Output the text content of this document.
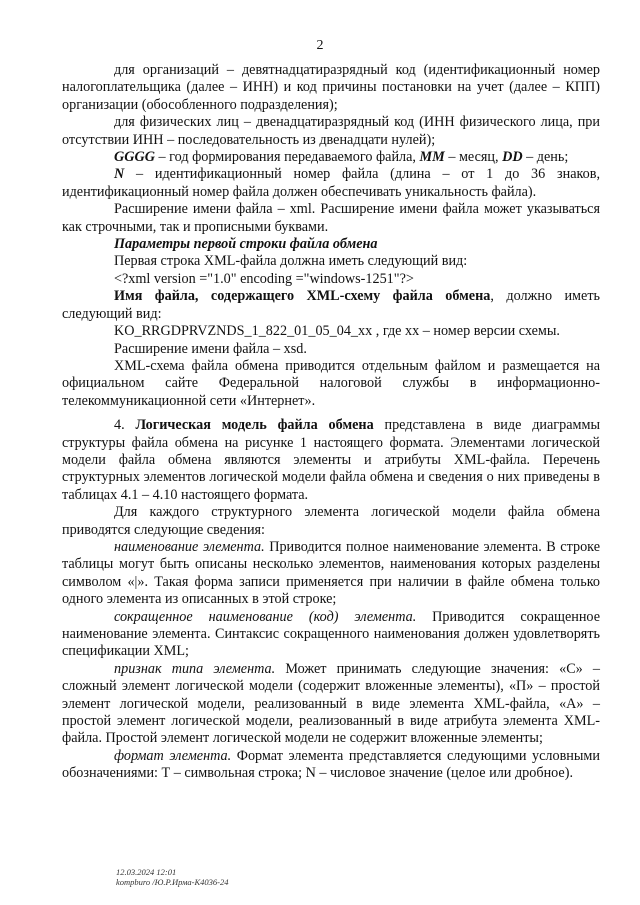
2

для организаций – девятнадцатиразрядный код (идентификационный номер налогоплательщика (далее – ИНН) и код причины постановки на учет (далее – КПП) организации (обособленного подразделения);

для физических лиц – двенадцатиразрядный код (ИНН физического лица, при отсутствии ИНН – последовательность из двенадцати нулей);

GGGG – год формирования передаваемого файла, MM – месяц, DD – день;

N – идентификационный номер файла (длина – от 1 до 36 знаков, идентификационный номер файла должен обеспечивать уникальность файла).

Расширение имени файла – xml. Расширение имени файла может указываться как строчными, так и прописными буквами.

Параметры первой строки файла обмена

Первая строка XML-файла должна иметь следующий вид:

<?xml version ="1.0" encoding ="windows-1251"?>

Имя файла, содержащего XML-схему файла обмена, должно иметь следующий вид:

KO_RRGDPRVZNDS_1_822_01_05_04_xx , где хх – номер версии схемы.

Расширение имени файла – xsd.

XML-схема файла обмена приводится отдельным файлом и размещается на официальном сайте Федеральной налоговой службы в информационно-телекоммуникационной сети «Интернет».

4. Логическая модель файла обмена представлена в виде диаграммы структуры файла обмена на рисунке 1 настоящего формата. Элементами логической модели файла обмена являются элементы и атрибуты XML-файла. Перечень структурных элементов логической модели файла обмена и сведения о них приведены в таблицах 4.1 – 4.10 настоящего формата.

Для каждого структурного элемента логической модели файла обмена приводятся следующие сведения:

наименование элемента. Приводится полное наименование элемента. В строке таблицы могут быть описаны несколько элементов, наименования которых разделены символом «|». Такая форма записи применяется при наличии в файле обмена только одного элемента из описанных в этой строке;

сокращенное наименование (код) элемента. Приводится сокращенное наименование элемента. Синтаксис сокращенного наименования должен удовлетворять спецификации XML;

признак типа элемента. Может принимать следующие значения: «С» – сложный элемент логической модели (содержит вложенные элементы), «П» – простой элемент логической модели, реализованный в виде элемента XML-файла, «А» – простой элемент логической модели, реализованный в виде атрибута элемента XML-файла. Простой элемент логической модели не содержит вложенные элементы;

формат элемента. Формат элемента представляется следующими условными обозначениями: Т – символьная строка; N – числовое значение (целое или дробное).

12.03.2024 12:01
kompburo /Ю.Р.Ирма-К4036-24
